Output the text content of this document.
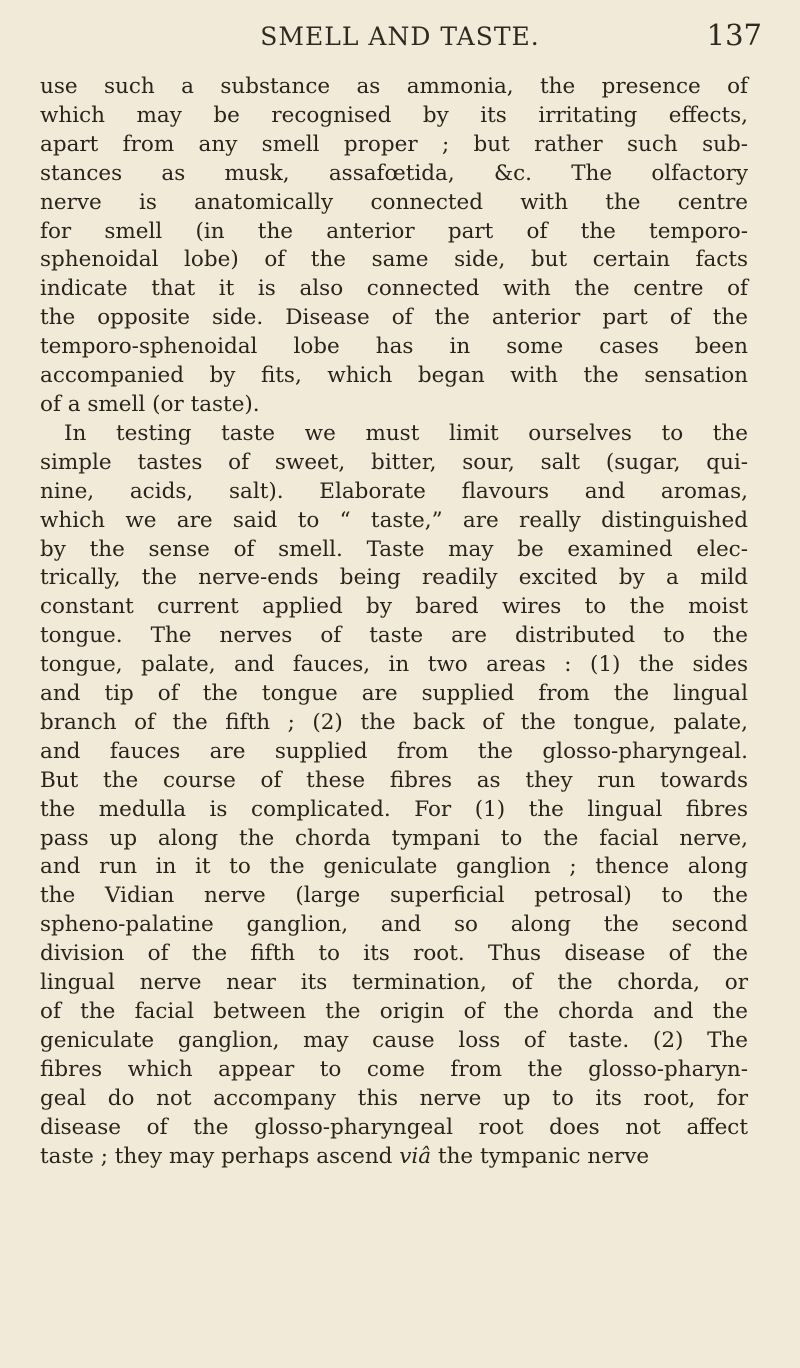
SMELL AND TASTE.	137
use such a substance as ammonia, the presence of
which may be recognised by its irritating effects,
apart from any smell proper ; but rather such sub-
stances as musk, assafœtida, &c. The olfactory
nerve is anatomically connected with the centre
for smell (in the anterior part of the temporo-
sphenoidal lobe) of the same side, but certain facts
indicate that it is also connected with the centre of
the opposite side. Disease of the anterior part of the
temporo-sphenoidal lobe has in some cases been
accompanied by fits, which began with the sensation
of a smell (or taste).
In testing taste we must limit ourselves to the
simple tastes of sweet, bitter, sour, salt (sugar, qui-
nine, acids, salt). Elaborate flavours and aromas,
which we are said to “ taste,” are really distinguished
by the sense of smell. Taste may be examined elec-
trically, the nerve-ends being readily excited by a mild
constant current applied by bared wires to the moist
tongue. The nerves of taste are distributed to the
tongue, palate, and fauces, in two areas : (1) the sides
and tip of the tongue are supplied from the lingual
branch of the fifth ; (2) the back of the tongue, palate,
and fauces are supplied from the glosso-pharyngeal.
But the course of these fibres as they run towards
the medulla is complicated. For (1) the lingual fibres
pass up along the chorda tympani to the facial nerve,
and run in it to the geniculate ganglion ; thence along
the Vidian nerve (large superficial petrosal) to the
spheno-palatine ganglion, and so along the second
division of the fifth to its root. Thus disease of the
lingual nerve near its termination, of the chorda, or
of the facial between the origin of the chorda and the
geniculate ganglion, may cause loss of taste. (2) The
fibres which appear to come from the glosso-pharyn-
geal do not accompany this nerve up to its root, for
disease of the glosso-pharyngeal root does not affect
taste ; they may perhaps ascend viâ the tympanic nerve
